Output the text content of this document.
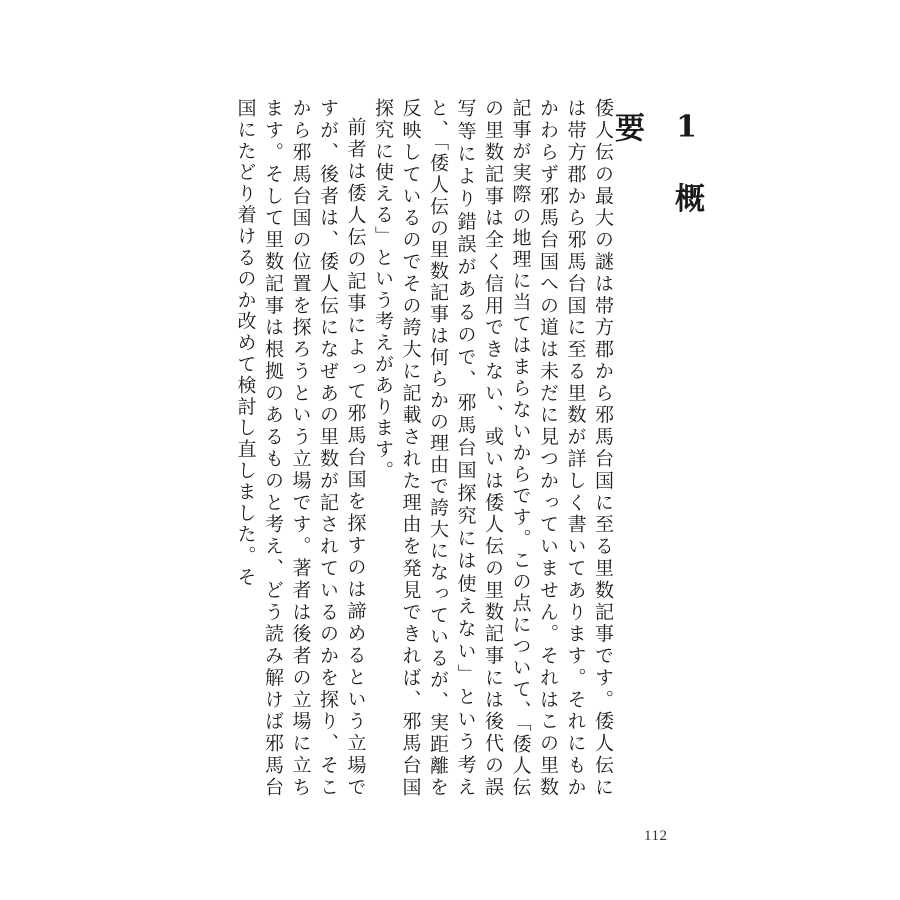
1 概要

倭人伝の最大の謎は帯方郡から邪馬台国に至る里数記事です。倭人伝には帯方郡から邪馬台国に至る里数が詳しく書いてあります。それにもかかわらず邪馬台国への道は未だに見つかっていません。それはこの里数記事が実際の地理に当てはまらないからです。この点について、「倭人伝の里数記事は全く信用できない、或いは倭人伝の里数記事には後代の誤写等により錯誤があるので、邪馬台国探究には使えない」という考えと、「倭人伝の里数記事は何らかの理由で誇大になっているが、実距離を反映しているのでその誇大に記載された理由を発見できれば、邪馬台国探究に使える」という考えがあります。

前者は倭人伝の記事によって邪馬台国を探すのは諦めるという立場ですが、後者は、倭人伝になぜあの里数が記されているのかを探り、そこから邪馬台国の位置を探ろうという立場です。著者は後者の立場に立ちます。そして里数記事は根拠のあるものと考え、どう読み解けば邪馬台国にたどり着けるのか改めて検討し直しました。そ

112
